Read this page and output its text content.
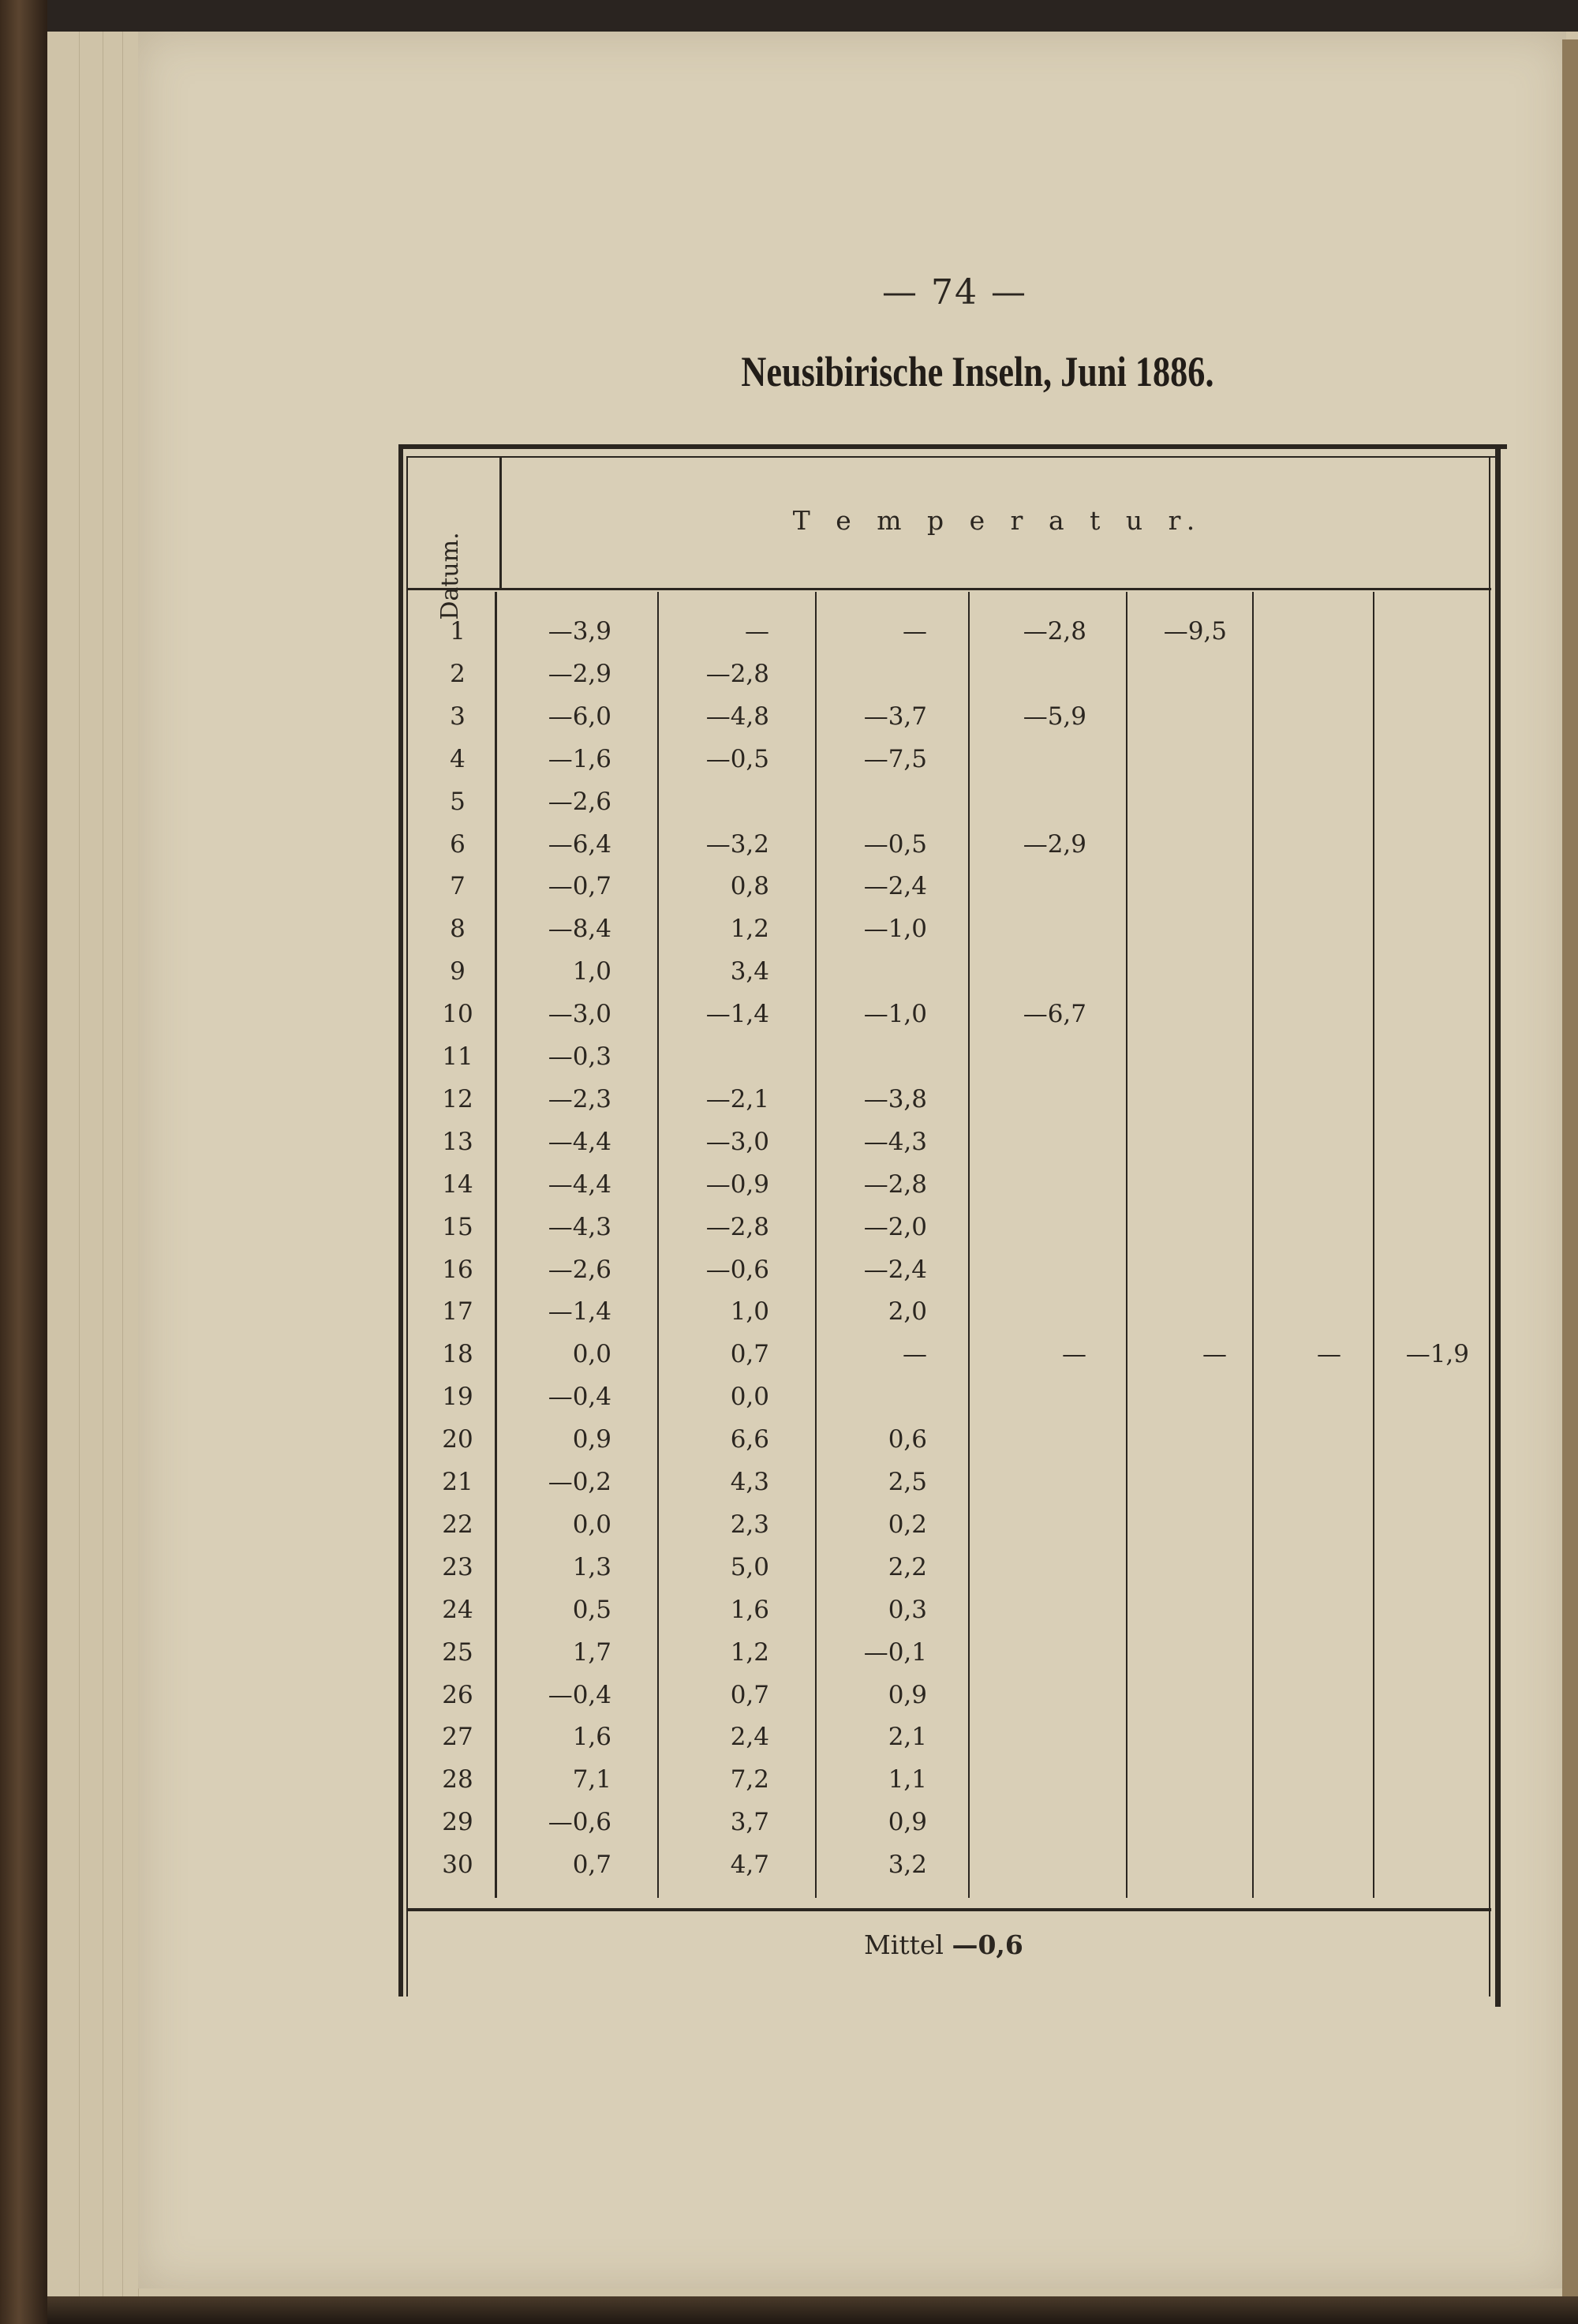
— 74 —
Neusibirische Inseln, Juni 1886.
Datum.
T e m p e r a t u r.
1	—3,9	—	—	—2,8	—9,5
2	—2,9	—2,8
3	—6,0	—4,8	—3,7	—5,9
4	—1,6	—0,5	—7,5
5	—2,6
6	—6,4	—3,2	—0,5	—2,9
7	—0,7	0,8	—2,4
8	—8,4	1,2	—1,0
9	1,0	3,4
10	—3,0	—1,4	—1,0	—6,7
11	—0,3
12	—2,3	—2,1	—3,8
13	—4,4	—3,0	—4,3
14	—4,4	—0,9	—2,8
15	—4,3	—2,8	—2,0
16	—2,6	—0,6	—2,4
17	—1,4	1,0	2,0
18	0,0	0,7	—	—	—	—	—1,9
19	—0,4	0,0
20	0,9	6,6	0,6
21	—0,2	4,3	2,5
22	0,0	2,3	0,2
23	1,3	5,0	2,2
24	0,5	1,6	0,3
25	1,7	1,2	—0,1
26	—0,4	0,7	0,9
27	1,6	2,4	2,1
28	7,1	7,2	1,1
29	—0,6	3,7	0,9
30	0,7	4,7	3,2
Mittel —0,6
